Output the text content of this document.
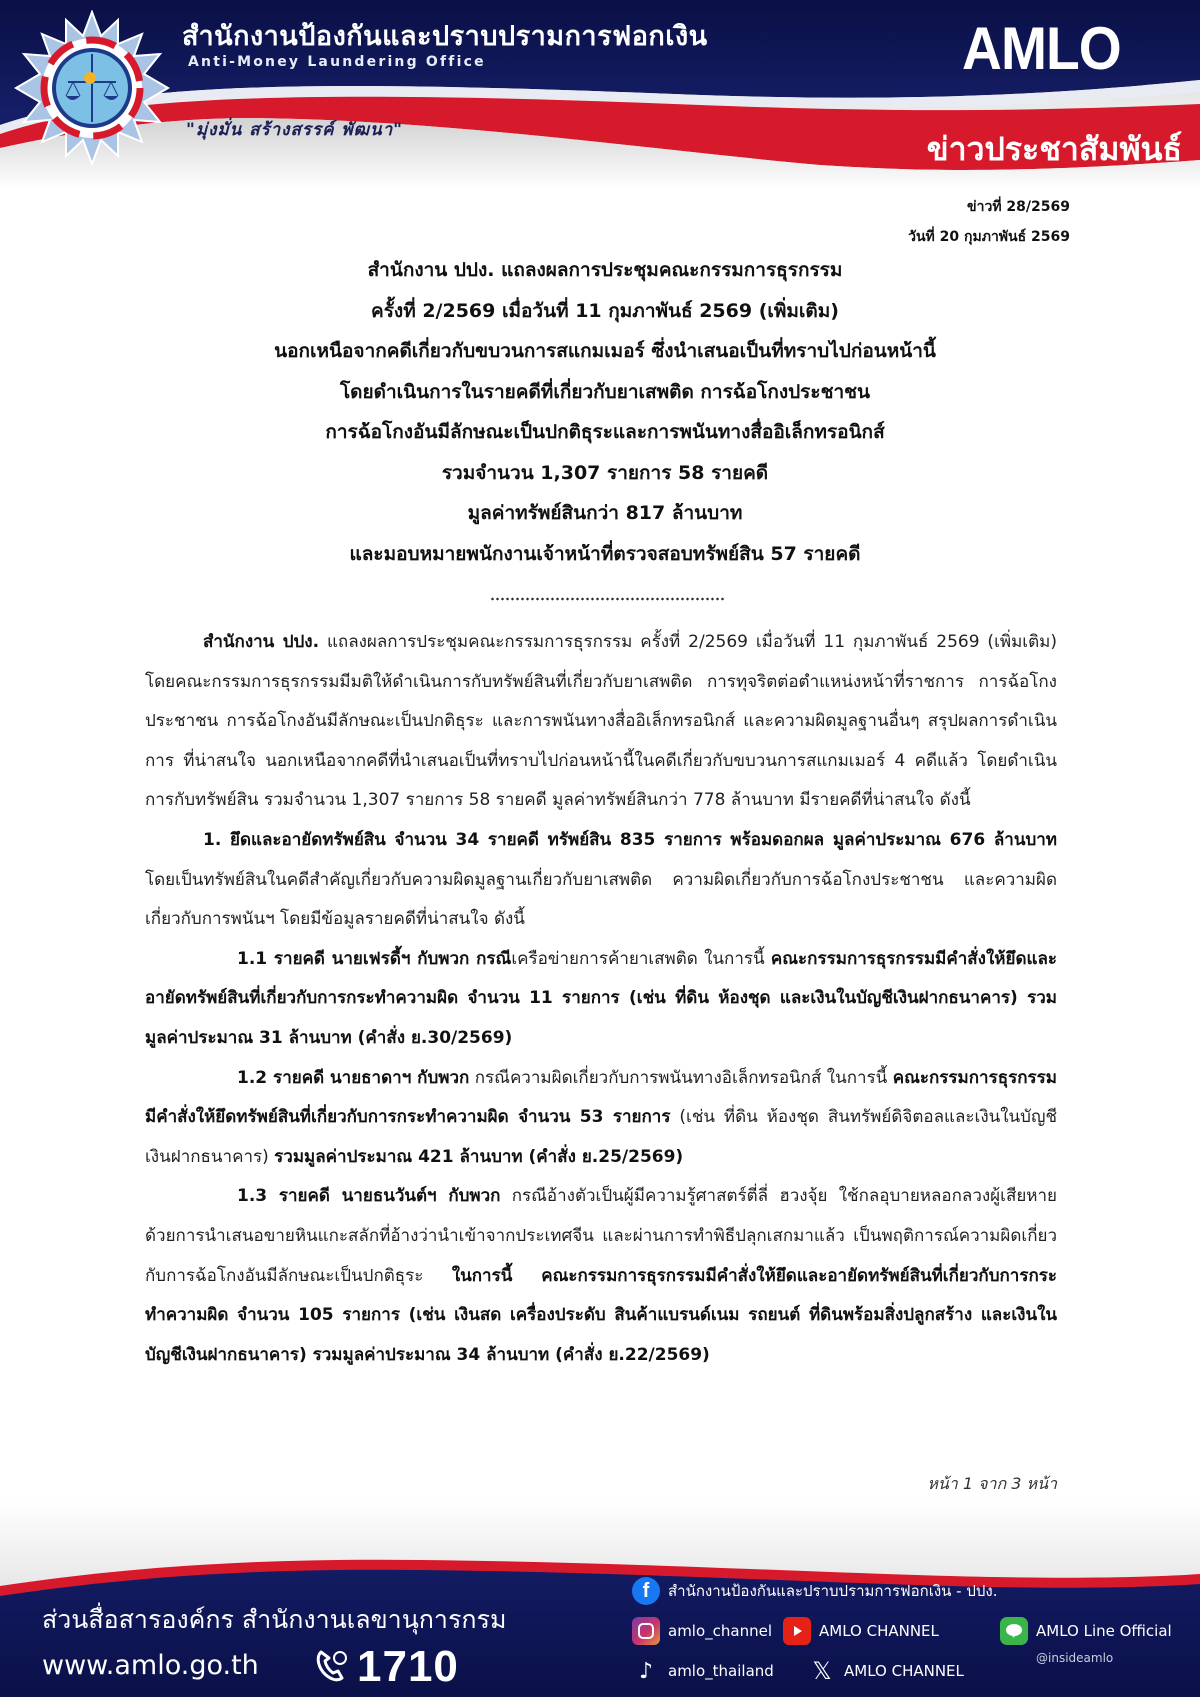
สำนักงานป้องกันและปราบปรามการฟอกเงิน
Anti-Money Laundering Office
"มุ่งมั่น สร้างสรรค์ พัฒนา"
AMLO
ข่าวประชาสัมพันธ์
ข่าวที่ 28/2569
วันที่ 20 กุมภาพันธ์ 2569
สำนักงาน ปปง. แถลงผลการประชุมคณะกรรมการธุรกรรม
ครั้งที่ 2/2569 เมื่อวันที่ 11 กุมภาพันธ์ 2569 (เพิ่มเติม)
นอกเหนือจากคดีเกี่ยวกับขบวนการสแกมเมอร์ ซึ่งนำเสนอเป็นที่ทราบไปก่อนหน้านี้
โดยดำเนินการในรายคดีที่เกี่ยวกับยาเสพติด การฉ้อโกงประชาชน
การฉ้อโกงอันมีลักษณะเป็นปกติธุระและการพนันทางสื่ออิเล็กทรอนิกส์
รวมจำนวน 1,307 รายการ 58 รายคดี
มูลค่าทรัพย์สินกว่า 817 ล้านบาท
และมอบหมายพนักงานเจ้าหน้าที่ตรวจสอบทรัพย์สิน 57 รายคดี

สำนักงาน ปปง. แถลงผลการประชุมคณะกรรมการธุรกรรม ครั้งที่ 2/2569 เมื่อวันที่ 11 กุมภาพันธ์ 2569 (เพิ่มเติม) โดยคณะกรรมการธุรกรรมมีมติให้ดำเนินการกับทรัพย์สินที่เกี่ยวกับยาเสพติด การทุจริตต่อตำแหน่งหน้าที่ราชการ การฉ้อโกงประชาชน การฉ้อโกงอันมีลักษณะเป็นปกติธุระ และการพนันทางสื่ออิเล็กทรอนิกส์ และความผิดมูลฐานอื่นๆ สรุปผลการดำเนินการ ที่น่าสนใจ นอกเหนือจากคดีที่นำเสนอเป็นที่ทราบไปก่อนหน้านี้ในคดีเกี่ยวกับขบวนการสแกมเมอร์ 4 คดีแล้ว โดยดำเนินการกับทรัพย์สิน รวมจำนวน 1,307 รายการ 58 รายคดี มูลค่าทรัพย์สินกว่า 778 ล้านบาท มีรายคดีที่น่าสนใจ ดังนี้

1. ยึดและอายัดทรัพย์สิน จำนวน 34 รายคดี ทรัพย์สิน 835 รายการ พร้อมดอกผล มูลค่าประมาณ 676 ล้านบาท โดยเป็นทรัพย์สินในคดีสำคัญเกี่ยวกับความผิดมูลฐานเกี่ยวกับยาเสพติด ความผิดเกี่ยวกับการฉ้อโกงประชาชน และความผิดเกี่ยวกับการพนันฯ โดยมีข้อมูลรายคดีที่น่าสนใจ ดังนี้

1.1 รายคดี นายเฟรดี้ฯ กับพวก กรณีเครือข่ายการค้ายาเสพติด ในการนี้ คณะกรรมการธุรกรรมมีคำสั่งให้ยึดและอายัดทรัพย์สินที่เกี่ยวกับการกระทำความผิด จำนวน 11 รายการ (เช่น ที่ดิน ห้องชุด และเงินในบัญชีเงินฝากธนาคาร) รวมมูลค่าประมาณ 31 ล้านบาท (คำสั่ง ย.30/2569)

1.2 รายคดี นายธาดาฯ กับพวก กรณีความผิดเกี่ยวกับการพนันทางอิเล็กทรอนิกส์ ในการนี้ คณะกรรมการธุรกรรมมีคำสั่งให้ยึดทรัพย์สินที่เกี่ยวกับการกระทำความผิด จำนวน 53 รายการ (เช่น ที่ดิน ห้องชุด สินทรัพย์ดิจิตอลและเงินในบัญชีเงินฝากธนาคาร) รวมมูลค่าประมาณ 421 ล้านบาท (คำสั่ง ย.25/2569)

1.3 รายคดี นายธนวันต์ฯ กับพวก กรณีอ้างตัวเป็นผู้มีความรู้ศาสตร์ตี่ลี่ ฮวงจุ้ย ใช้กลอุบายหลอกลวงผู้เสียหาย ด้วยการนำเสนอขายหินแกะสลักที่อ้างว่านำเข้าจากประเทศจีน และผ่านการทำพิธีปลุกเสกมาแล้ว เป็นพฤติการณ์ความผิดเกี่ยวกับการฉ้อโกงอันมีลักษณะเป็นปกติธุระ ในการนี้ คณะกรรมการธุรกรรมมีคำสั่งให้ยึดและอายัดทรัพย์สินที่เกี่ยวกับการกระทำความผิด จำนวน 105 รายการ (เช่น เงินสด เครื่องประดับ สินค้าแบรนด์เนม รถยนต์ ที่ดินพร้อมสิ่งปลูกสร้าง และเงินในบัญชีเงินฝากธนาคาร) รวมมูลค่าประมาณ 34 ล้านบาท (คำสั่ง ย.22/2569)

หน้า 1 จาก 3 หน้า
ส่วนสื่อสารองค์กร สำนักงานเลขานุการกรม
www.amlo.go.th 1710
f	สำนักงานป้องกันและปราบปรามการฟอกเงิน - ปปง.
amlo_channel	AMLO CHANNEL	AMLO Line Official
@insideamlo
♪ amlo_thailand 𝕏 AMLO CHANNEL
